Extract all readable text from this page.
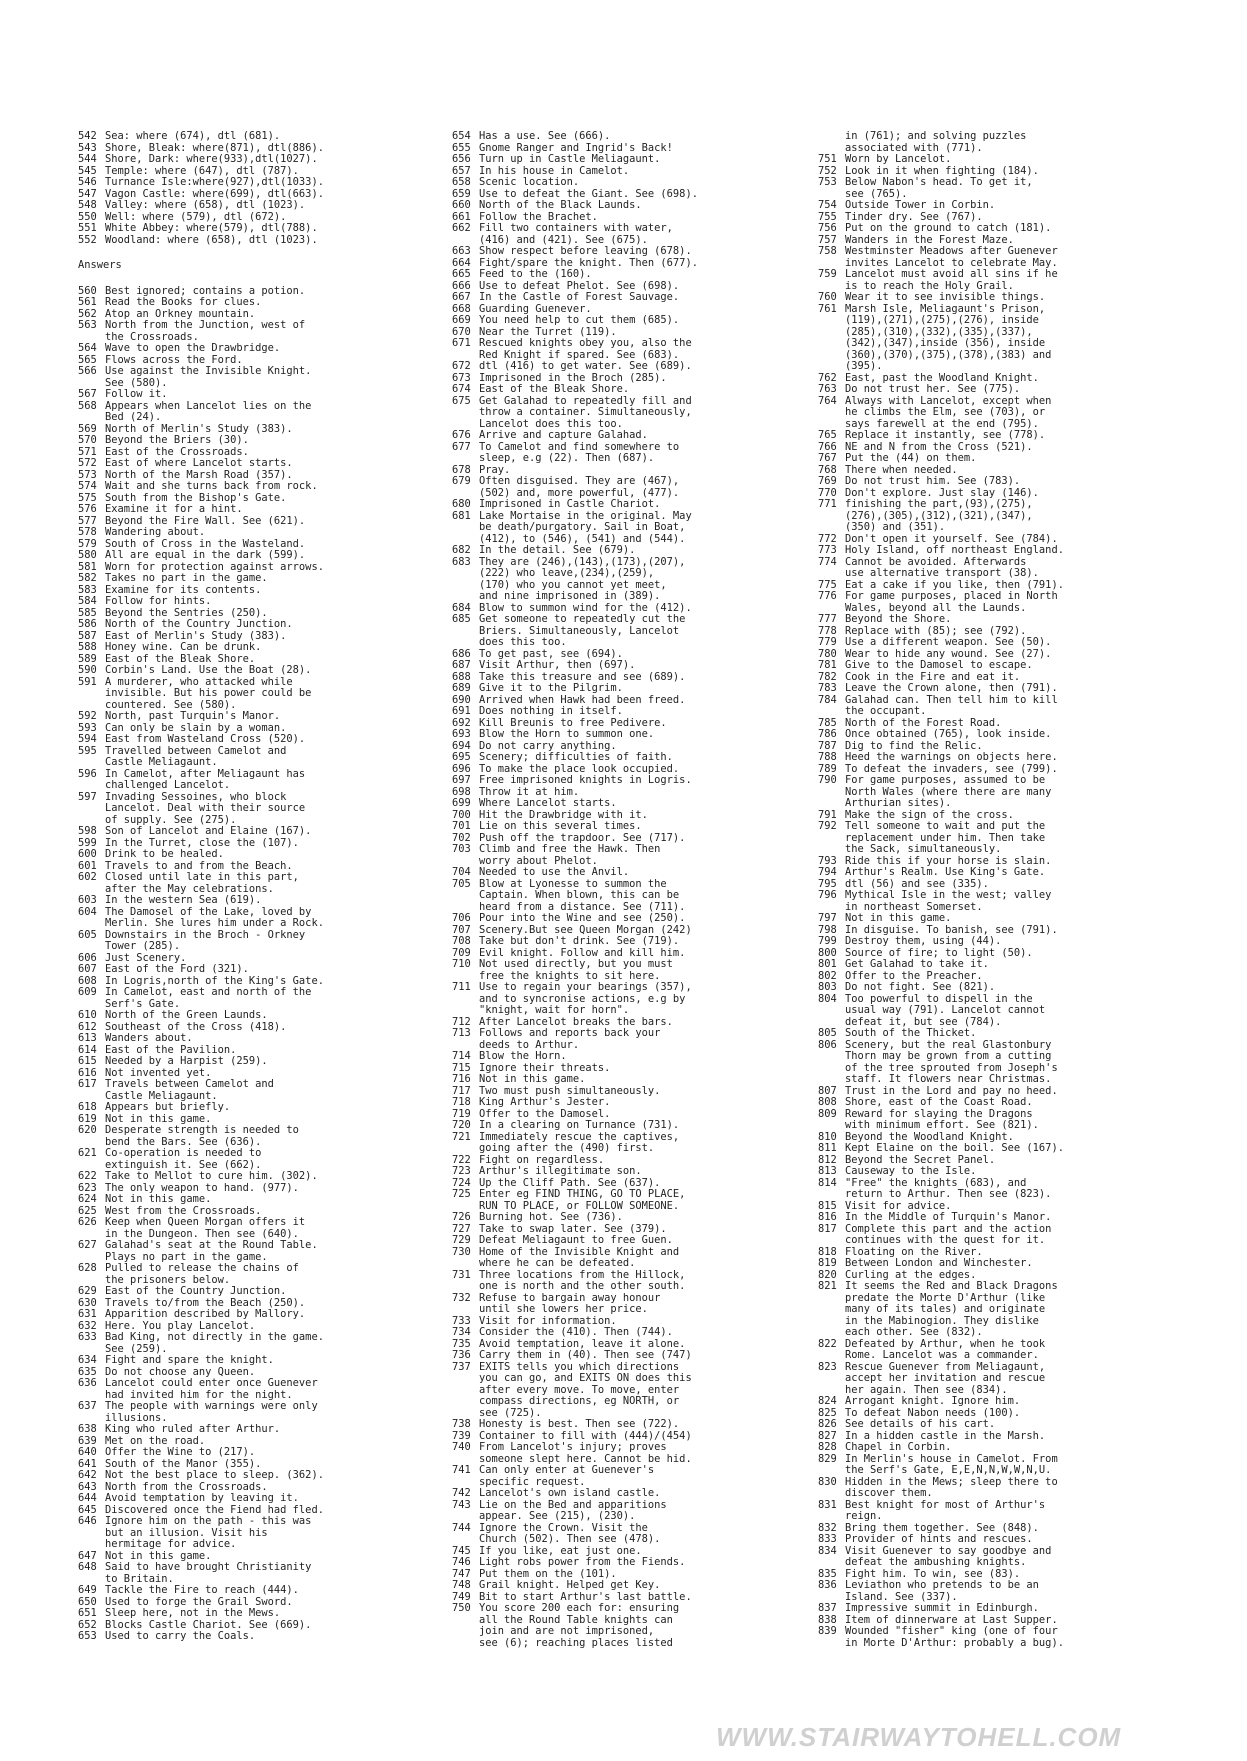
542 Sea: where (674), dtl (681).
543 Shore, Bleak: where(871), dtl(886).
544 Shore, Dark: where(933),dtl(1027).
545 Temple: where (647), dtl (787).
546 Turnance Isle:where(927),dtl(1033).
547 Vagon Castle: where(699), dtl(663).
548 Valley: where (658), dtl (1023).
550 Well: where (579), dtl (672).
551 White Abbey: where(579), dtl(788).
552 Woodland: where (658), dtl (1023).
Answers
560 Best ignored; contains a potion.
561 Read the Books for clues.
562 Atop an Orkney mountain.
563 North from the Junction, west of
the Crossroads.
564 Wave to open the Drawbridge.
565 Flows across the Ford.
566 Use against the Invisible Knight.
See (580).
567 Follow it.
568 Appears when Lancelot lies on the
Bed (24).
569 North of Merlin's Study (383).
570 Beyond the Briers (30).
571 East of the Crossroads.
572 East of where Lancelot starts.
573 North of the Marsh Road (357).
574 Wait and she turns back from rock.
575 South from the Bishop's Gate.
576 Examine it for a hint.
577 Beyond the Fire Wall. See (621).
578 Wandering about.
579 South of Cross in the Wasteland.
580 All are equal in the dark (599).
581 Worn for protection against arrows.
582 Takes no part in the game.
583 Examine for its contents.
584 Follow for hints.
585 Beyond the Sentries (250).
586 North of the Country Junction.
587 East of Merlin's Study (383).
588 Honey wine. Can be drunk.
589 East of the Bleak Shore.
590 Corbin's Land. Use the Boat (28).
591 A murderer, who attacked while
invisible. But his power could be
countered. See (580).
592 North, past Turquin's Manor.
593 Can only be slain by a woman.
594 East from Wasteland Cross (520).
595 Travelled between Camelot and
Castle Meliagaunt.
596 In Camelot, after Meliagaunt has
challenged Lancelot.
597 Invading Sessoines, who block
Lancelot. Deal with their source
of supply. See (275).
598 Son of Lancelot and Elaine (167).
599 In the Turret, close the (107).
600 Drink to be healed.
601 Travels to and from the Beach.
602 Closed until late in this part,
after the May celebrations.
603 In the western Sea (619).
604 The Damosel of the Lake, loved by
Merlin. She lures him under a Rock.
605 Downstairs in the Broch - Orkney
Tower (285).
606 Just Scenery.
607 East of the Ford (321).
608 In Logris,north of the King's Gate.
609 In Camelot, east and north of the
Serf's Gate.
610 North of the Green Launds.
612 Southeast of the Cross (418).
613 Wanders about.
614 East of the Pavilion.
615 Needed by a Harpist (259).
616 Not invented yet.
617 Travels between Camelot and
Castle Meliagaunt.
618 Appears but briefly.
619 Not in this game.
620 Desperate strength is needed to
bend the Bars. See (636).
621 Co-operation is needed to
extinguish it. See (662).
622 Take to Mellot to cure him. (302).
623 The only weapon to hand. (977).
624 Not in this game.
625 West from the Crossroads.
626 Keep when Queen Morgan offers it
in the Dungeon. Then see (640).
627 Galahad's seat at the Round Table.
Plays no part in the game.
628 Pulled to release the chains of
the prisoners below.
629 East of the Country Junction.
630 Travels to/from the Beach (250).
631 Apparition described by Mallory.
632 Here. You play Lancelot.
633 Bad King, not directly in the game.
See (259).
634 Fight and spare the knight.
635 Do not choose any Queen.
636 Lancelot could enter once Guenever
had invited him for the night.
637 The people with warnings were only
illusions.
638 King who ruled after Arthur.
639 Met on the road.
640 Offer the Wine to (217).
641 South of the Manor (355).
642 Not the best place to sleep. (362).
643 North from the Crossroads.
644 Avoid temptation by leaving it.
645 Discovered once the Fiend had fled.
646 Ignore him on the path - this was
but an illusion. Visit his
hermitage for advice.
647 Not in this game.
648 Said to have brought Christianity
to Britain.
649 Tackle the Fire to reach (444).
650 Used to forge the Grail Sword.
651 Sleep here, not in the Mews.
652 Blocks Castle Chariot. See (669).
653 Used to carry the Coals.
654 Has a use. See (666).
655 Gnome Ranger and Ingrid's Back!
656 Turn up in Castle Meliagaunt.
657 In his house in Camelot.
658 Scenic location.
659 Use to defeat the Giant. See (698).
660 North of the Black Launds.
661 Follow the Brachet.
662 Fill two containers with water,
(416) and (421). See (675).
663 Show respect before leaving (678).
664 Fight/spare the knight. Then (677).
665 Feed to the (160).
666 Use to defeat Phelot. See (698).
667 In the Castle of Forest Sauvage.
668 Guarding Guenever.
669 You need help to cut them (685).
670 Near the Turret (119).
671 Rescued knights obey you, also the
Red Knight if spared. See (683).
672 dtl (416) to get water. See (689).
673 Imprisoned in the Broch (285).
674 East of the Bleak Shore.
675 Get Galahad to repeatedly fill and
throw a container. Simultaneously,
Lancelot does this too.
676 Arrive and capture Galahad.
677 To Camelot and find somewhere to
sleep, e.g (22). Then (687).
678 Pray.
679 Often disguised. They are (467),
(502) and, more powerful, (477).
680 Imprisoned in Castle Chariot.
681 Lake Mortaise in the original. May
be death/purgatory. Sail in Boat,
(412), to (546), (541) and (544).
682 In the detail. See (679).
683 They are (246),(143),(173),(207),
(222) who leave,(234),(259),
(170) who you cannot yet meet,
and nine imprisoned in (389).
684 Blow to summon wind for the (412).
685 Get someone to repeatedly cut the
Briers. Simultaneously, Lancelot
does this too.
686 To get past, see (694).
687 Visit Arthur, then (697).
688 Take this treasure and see (689).
689 Give it to the Pilgrim.
690 Arrived when Hawk had been freed.
691 Does nothing in itself.
692 Kill Breunis to free Pedivere.
693 Blow the Horn to summon one.
694 Do not carry anything.
695 Scenery; difficulties of faith.
696 To make the place look occupied.
697 Free imprisoned knights in Logris.
698 Throw it at him.
699 Where Lancelot starts.
700 Hit the Drawbridge with it.
701 Lie on this several times.
702 Push off the trapdoor. See (717).
703 Climb and free the Hawk. Then
worry about Phelot.
704 Needed to use the Anvil.
705 Blow at Lyonesse to summon the
Captain. When blown, this can be
heard from a distance. See (711).
706 Pour into the Wine and see (250).
707 Scenery.But see Queen Morgan (242)
708 Take but don't drink. See (719).
709 Evil knight. Follow and kill him.
710 Not used directly, but you must
free the knights to sit here.
711 Use to regain your bearings (357),
and to syncronise actions, e.g by
"knight, wait for horn".
712 After Lancelot breaks the bars.
713 Follows and reports back your
deeds to Arthur.
714 Blow the Horn.
715 Ignore their threats.
716 Not in this game.
717 Two must push simultaneously.
718 King Arthur's Jester.
719 Offer to the Damosel.
720 In a clearing on Turnance (731).
721 Immediately rescue the captives,
going after the (490) first.
722 Fight on regardless.
723 Arthur's illegitimate son.
724 Up the Cliff Path. See (637).
725 Enter eg FIND THING, GO TO PLACE,
RUN TO PLACE, or FOLLOW SOMEONE.
726 Burning hot. See (736).
727 Take to swap later. See (379).
729 Defeat Meliagaunt to free Guen.
730 Home of the Invisible Knight and
where he can be defeated.
731 Three locations from the Hillock,
one is north and the other south.
732 Refuse to bargain away honour
until she lowers her price.
733 Visit for information.
734 Consider the (410). Then (744).
735 Avoid temptation, leave it alone.
736 Carry them in (40). Then see (747)
737 EXITS tells you which directions
you can go, and EXITS ON does this
after every move. To move, enter
compass directions, eg NORTH, or
see (725).
738 Honesty is best. Then see (722).
739 Container to fill with (444)/(454)
740 From Lancelot's injury; proves
someone slept here. Cannot be hid.
741 Can only enter at Guenever's
specific request.
742 Lancelot's own island castle.
743 Lie on the Bed and apparitions
appear. See (215), (230).
744 Ignore the Crown. Visit the
Church (502). Then see (478).
745 If you like, eat just one.
746 Light robs power from the Fiends.
747 Put them on the (101).
748 Grail knight. Helped get Key.
749 Bit to start Arthur's last battle.
750 You score 200 each for: ensuring
all the Round Table knights can
join and are not imprisoned,
see (6); reaching places listed
in (761); and solving puzzles
associated with (771).
751 Worn by Lancelot.
752 Look in it when fighting (184).
753 Below Nabon's head. To get it,
see (765).
754 Outside Tower in Corbin.
755 Tinder dry. See (767).
756 Put on the ground to catch (181).
757 Wanders in the Forest Maze.
758 Westminster Meadows after Guenever
invites Lancelot to celebrate May.
759 Lancelot must avoid all sins if he
is to reach the Holy Grail.
760 Wear it to see invisible things.
761 Marsh Isle, Meliagaunt's Prison,
(119),(271),(275),(276), inside
(285),(310),(332),(335),(337),
(342),(347),inside (356), inside
(360),(370),(375),(378),(383) and
(395).
762 East, past the Woodland Knight.
763 Do not trust her. See (775).
764 Always with Lancelot, except when
he climbs the Elm, see (703), or
says farewell at the end (795).
765 Replace it instantly, see (778).
766 NE and N from the Cross (521).
767 Put the (44) on them.
768 There when needed.
769 Do not trust him. See (783).
770 Don't explore. Just slay (146).
771 finishing the part,(93),(275),
(276),(305),(312),(321),(347),
(350) and (351).
772 Don't open it yourself. See (784).
773 Holy Island, off northeast England.
774 Cannot be avoided. Afterwards
use alternative transport (38).
775 Eat a cake if you like, then (791).
776 For game purposes, placed in North
Wales, beyond all the Launds.
777 Beyond the Shore.
778 Replace with (85); see (792).
779 Use a different weapon. See (50).
780 Wear to hide any wound. See (27).
781 Give to the Damosel to escape.
782 Cook in the Fire and eat it.
783 Leave the Crown alone, then (791).
784 Galahad can. Then tell him to kill
the occupant.
785 North of the Forest Road.
786 Once obtained (765), look inside.
787 Dig to find the Relic.
788 Heed the warnings on objects here.
789 To defeat the invaders, see (799).
790 For game purposes, assumed to be
North Wales (where there are many
Arthurian sites).
791 Make the sign of the cross.
792 Tell someone to wait and put the
replacement under him. Then take
the Sack, simultaneously.
793 Ride this if your horse is slain.
794 Arthur's Realm. Use King's Gate.
795 dtl (56) and see (335).
796 Mythical Isle in the west; valley
in northeast Somerset.
797 Not in this game.
798 In disguise. To banish, see (791).
799 Destroy them, using (44).
800 Source of fire; to light (50).
801 Get Galahad to take it.
802 Offer to the Preacher.
803 Do not fight. See (821).
804 Too powerful to dispell in the
usual way (791). Lancelot cannot
defeat it, but see (784).
805 South of the Thicket.
806 Scenery, but the real Glastonbury
Thorn may be grown from a cutting
of the tree sprouted from Joseph's
staff. It flowers near Christmas.
807 Trust in the Lord and pay no heed.
808 Shore, east of the Coast Road.
809 Reward for slaying the Dragons
with minimum effort. See (821).
810 Beyond the Woodland Knight.
811 Kept Elaine on the boil. See (167).
812 Beyond the Secret Panel.
813 Causeway to the Isle.
814 "Free" the knights (683), and
return to Arthur. Then see (823).
815 Visit for advice.
816 In the Middle of Turquin's Manor.
817 Complete this part and the action
continues with the quest for it.
818 Floating on the River.
819 Between London and Winchester.
820 Curling at the edges.
821 It seems the Red and Black Dragons
predate the Morte D'Arthur (like
many of its tales) and originate
in the Mabinogion. They dislike
each other. See (832).
822 Defeated by Arthur, when he took
Rome. Lancelot was a commander.
823 Rescue Guenever from Meliagaunt,
accept her invitation and rescue
her again. Then see (834).
824 Arrogant knight. Ignore him.
825 To defeat Nabon needs (100).
826 See details of his cart.
827 In a hidden castle in the Marsh.
828 Chapel in Corbin.
829 In Merlin's house in Camelot. From
the Serf's Gate, E,E,N,N,W,W,N,U.
830 Hidden in the Mews; sleep there to
discover them.
831 Best knight for most of Arthur's
reign.
832 Bring them together. See (848).
833 Provider of hints and rescues.
834 Visit Guenever to say goodbye and
defeat the ambushing knights.
835 Fight him. To win, see (83).
836 Leviathon who pretends to be an
Island. See (337).
837 Impressive summit in Edinburgh.
838 Item of dinnerware at Last Supper.
839 Wounded "fisher" king (one of four
in Morte D'Arthur: probably a bug).
WWW.STAIRWAYTOHELL.COM
